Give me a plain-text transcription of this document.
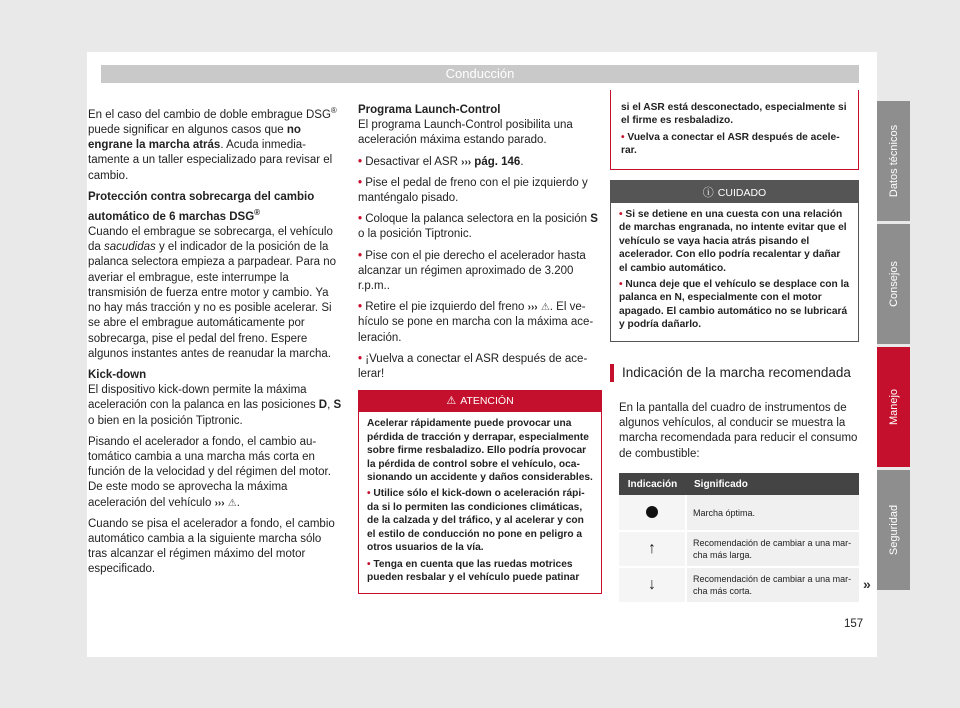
Conducción

En el caso del cambio de doble embrague DSG® puede significar en algunos casos que no engrane la marcha atrás. Acuda inmediatamente a un taller especializado para revisar el cambio.

Protección contra sobrecarga del cambio automático de 6 marchas DSG®

Cuando el embrague se sobrecarga, el vehículo da sacudidas y el indicador de la posición de la palanca selectora empieza a parpadear. Para no averiar el embrague, este interrumpe la transmisión de fuerza entre motor y cambio. Ya no hay más tracción y no es posible acelerar. Si se abre el embrague automáticamente por sobrecarga, pise el pedal del freno. Espere algunos instantes antes de reanudar la marcha.

Kick-down

El dispositivo kick-down permite la máxima aceleración con la palanca en las posiciones D, S o bien en la posición Tiptronic.

Pisando el acelerador a fondo, el cambio automático cambia a una marcha más corta en función de la velocidad y del régimen del motor. De este modo se aprovecha la máxima aceleración del vehículo ››› ⚠.

Cuando se pisa el acelerador a fondo, el cambio automático cambia a la siguiente marcha sólo tras alcanzar el régimen máximo del motor especificado.

Programa Launch-Control

El programa Launch-Control posibilita una aceleración máxima estando parado.

• Desactivar el ASR ››› pág. 146.

• Pise el pedal de freno con el pie izquierdo y manténgalo pisado.

• Coloque la palanca selectora en la posición S o la posición Tiptronic.

• Pise con el pie derecho el acelerador hasta alcanzar un régimen aproximado de 3.200 r.p.m..

• Retire el pie izquierdo del freno ››› ⚠. El vehículo se pone en marcha con la máxima aceleración.

• ¡Vuelva a conectar el ASR después de acelerar!

⚠ ATENCIÓN

Acelerar rápidamente puede provocar una pérdida de tracción y derrapar, especialmente sobre firme resbaladizo. Ello podría provocar la pérdida de control sobre el vehículo, ocasionando un accidente y daños considerables.

• Utilice sólo el kick-down o aceleración rápida si lo permiten las condiciones climáticas, de la calzada y del tráfico, y al acelerar y con el estilo de conducción no pone en peligro a otros usuarios de la vía.

• Tenga en cuenta que las ruedas motrices pueden resbalar y el vehículo puede patinar

si el ASR está desconectado, especialmente si el firme es resbaladizo.

• Vuelva a conectar el ASR después de acelerar.

ⓘ CUIDADO

• Si se detiene en una cuesta con una relación de marchas engranada, no intente evitar que el vehículo se vaya hacia atrás pisando el acelerador. Con ello podría recalentar y dañar el cambio automático.

• Nunca deje que el vehículo se desplace con la palanca en N, especialmente con el motor apagado. El cambio automático no se lubricará y podría dañarlo.

Indicación de la marcha recomendada
En la pantalla del cuadro de instrumentos de algunos vehículos, al conducir se muestra la marcha recomendada para reducir el consumo de combustible:
Indicación	Significado
	Marcha óptima.
↑	Recomendación de cambiar a una marcha más larga.
↓	Recomendación de cambiar a una marcha más corta.	»
157
Datos técnicos
Consejos
Manejo
Seguridad
